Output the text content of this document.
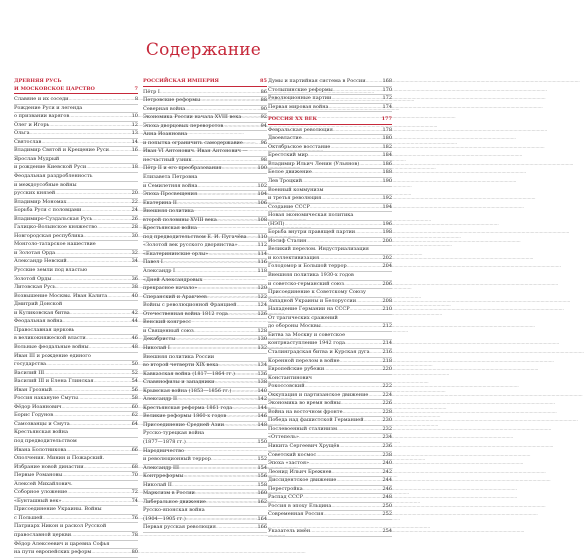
Содержание
ДРЕВНЯЯ РУСЬ
И МОСКОВСКОЕ ЦАРСТВО	7
Славяне и их соседи .....	8
Рождение Руси и легенда
о призвании варягов .....	10
Олег и Игорь .....	12
Ольга .....	13
Святослав .....	14
Владимир Святой и Крещение Руси .....	16
Ярослав Мудрый
и рождение Киевской Руси .....	18
Феодальная раздробленность
и междоусобные войны
русских князей .....	20
Владимир Мономах .....	22
Борьба Руси с половцами .....	24
Владимиро-Суздальская Русь .....	26
Галицко-Волынское княжество .....	28
Новгородская республика .....	30
Монголо-татарское нашествие
и Золотая Орда .....	32
Александр Невский .....	34
Русские земли под властью
Золотой Орды .....	36
Литовская Русь .....	38
Возвышение Москвы. Иван Калита .....	40
Дмитрий Донской
и Куликовская битва .....	42
Феодальная война .....	44
Православная церковь
в великокняжеской власти .....	46
Вольные феодальные войны .....	48
Иван III и рождение единого
государства .....	50
Василий III .....	52
Василий III и Елена Глинская .....	54
Иван Грозный .....	56
Россия накануне Смуты .....	58
Фёдор Иоаннович .....	60
Борис Годунов .....	62
Самозванцы и Смута .....	64
Крестьянская война
под предводительством
Ивана Болотникова .....	66
Ополчения. Минин и Пожарский.
Избрание новой династии .....	68
Первые Романовы .....	70
Алексей Михайлович.
Соборное уложение .....	72
«Бунташный век» .....	74
Присоединение Украины. Войны
с Польшей .....	76
Патриарх Никон и раскол Русской
православной церкви .....	78
Фёдор Алексеевич и царевна Софья
на пути европейских реформ .....	80
РОССИЙСКАЯ ИМПЕРИЯ	85
Пётр I .....	86
Петровские реформы .....	88
Северная война .....	90
Экономика России начала XVIII века .....	92
Эпоха дворцовых переворотов .....	94
Анна Иоанновна
и попытка ограничить самодержавие .....	96
Иван VI Антонович. Иван Антонович —
несчастный узник .....	98
Пётр II и его преобразования .....	100
Елизавета Петровна
и Семилетняя война .....	102
Эпоха Просвещения .....	104
Екатерина II .....	106
Внешняя политика
второй половины XVIII века .....	108
Крестьянская война
под предводительством Е. И. Пугачёва ..... 110
«Золотой век русского дворянства» .....	112
«Екатерининские орлы» .....	114
Павел I .....	116
Александр I .....	118
«Дней Александровых
прекрасное начало» .....	120
Сперанский и Аракчеев .....	122
Войны с революционной Францией .....	124
Отечественная война 1812 года .....	126
Венский конгресс
и Священный союз .....	128
Декабристы .....	130
Николай I .....	132
Внешняя политика России
во второй четверти XIX века .....	134
Кавказская война (1817—1864 гг.) .....	136
Славянофилы и западники .....	138
Крымская война (1853—1856 гг.) .....	140
Александр II .....	142
Крестьянская реформа 1861 года .....	144
Великие реформы 1860-х годов .....	146
Присоединение Средней Азии .....	148
Русско-турецкая война
(1877—1878 гг.) .....	150
Народничество
и революционный террор .....	152
Александр III .....	154
Контрреформы .....	156
Николай II .....	158
Марксизм в России .....	160
Либеральное движение .....	162
Русско-японская война
(1904—1905 гг.) .....	164
Первая русская революция .....	166
Думы и партийная система в России .....	168
Столыпинские реформы .....	170
Революционные партии .....	172
Первая мировая война .....	174
РОССИЯ XX ВЕК	177
Февральская революция .....	178
Двоевластие .....	180
Октябрьское восстание .....	182
Брестский мир .....	184
Владимир Ильич Ленин (Ульянов) .....	186
Белое движение .....	188
Лев Троцкий .....	190
Военный коммунизм
и третья революция .....	192
Создание СССР .....	194
Новая экономическая политика
(НЭП) .....	196
Борьба внутри правящей партии .....	198
Иосиф Сталин .....	200
Великий перелом. Индустриализация
и коллективизация .....	202
Голодомор и Большой террор .....	204
Внешняя политика 1930-х годов
и советско-германский союз .....	206
Присоединение к Советскому Союзу
Западной Украины и Белоруссии .....	208
Нападение Германии на СССР .....	210
От трагических сражений
до обороны Москвы .....	212
Битва за Москву и советское
контрнаступление 1942 года .....	214
Сталинградская битва и Курская дуга .....	216
Коренной перелом в войне .....	218
Европейские рубежи .....	220
Константинович
Рокоссовский .....	222
Оккупация и партизанское движение .....	224
Экономика во время войны .....	226
Война на восточном фронте .....	228
Победа над фашистской Германией .....	230
Послевоенный сталинизм .....	232
«Оттепель» .....	234
Никита Сергеевич Хрущёв .....	236
Советский космос .....	238
Эпоха «застоя» .....	240
Леонид Ильич Брежнев .....	242
Диссидентское движение .....	244
Перестройка .....	246
Распад СССР .....	248
Россия в эпоху Ельцина .....	250
Современная Россия .....	252

Указатель имён .....	254
